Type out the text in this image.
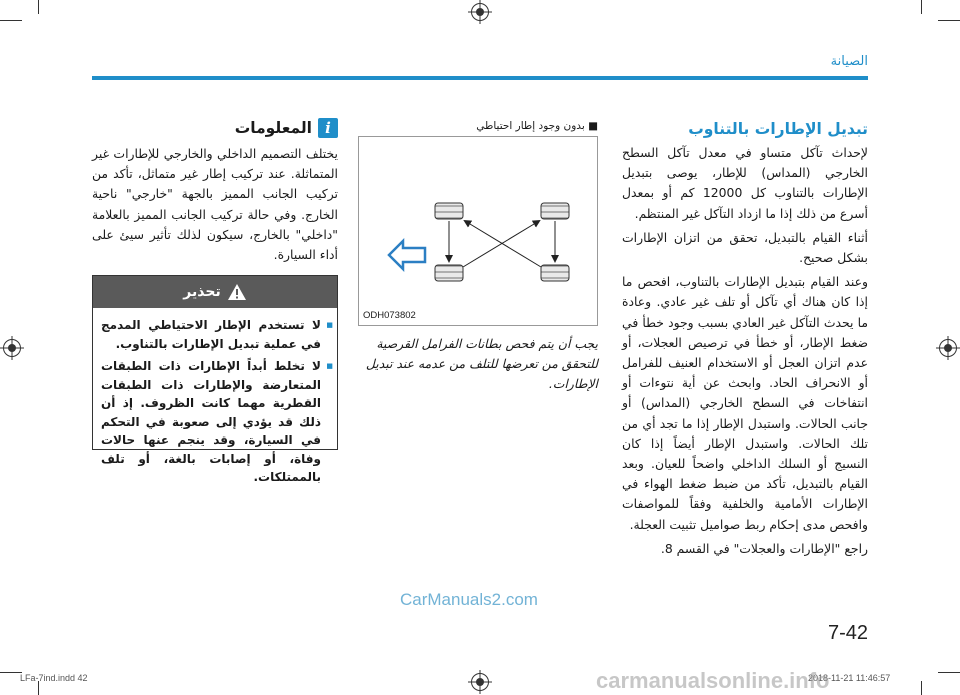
الصيانة
تبديل الإطارات بالتناوب

لإحداث تآكل متساو في معدل تآكل السطح الخارجي (المداس) للإطار، يوصى بتبديل الإطارات بالتناوب كل 12000 كم أو بمعدل أسرع من ذلك إذا ما ازداد التآكل غير المنتظم.

أثناء القيام بالتبديل، تحقق من اتزان الإطارات بشكل صحيح.

وعند القيام بتبديل الإطارات بالتناوب، افحص ما إذا كان هناك أي تآكل أو تلف غير عادي. وعادة ما يحدث التآكل غير العادي بسبب وجود خطأ في ضغط الإطار، أو خطأ في ترصيص العجلات، أو عدم اتزان العجل أو الاستخدام العنيف للفرامل أو الانحراف الحاد. وابحث عن أية نتوءات أو انتفاخات في السطح الخارجي (المداس) أو جانب الحالات. واستبدل الإطار إذا ما تجد أي من تلك الحالات. واستبدل الإطار أيضاً إذا كان النسيج أو السلك الداخلي واضحاً للعيان. وبعد القيام بالتبديل، تأكد من ضبط ضغط الهواء في الإطارات الأمامية والخلفية وفقاً للمواصفات وافحص مدى إحكام ربط صواميل تثبيت العجلة.

راجع "الإطارات والعجلات" في القسم 8.

■ بدون وجود إطار احتياطي
ODH073802
يجب أن يتم فحص بطانات الفرامل القرصية للتحقق من تعرضها للتلف من عدمه عند تبديل الإطارات.
i
المعلومات

يختلف التصميم الداخلي والخارجي للإطارات غير المتماثلة. عند تركيب إطار غير متماثل، تأكد من تركيب الجانب المميز بالجهة "خارجي" ناحية الخارج. وفي حالة تركيب الجانب المميز بالعلامة "داخلي" بالخارج، سيكون لذلك تأثير سيئ على أداء السيارة.

تحذير
■ لا تستخدم الإطار الاحتياطي المدمج في عملية تبديل الإطارات بالتناوب.
■ لا تخلط أبداً الإطارات ذات الطبقات المتعارضة والإطارات ذات الطبقات القطرية مهما كانت الظروف. إذ أن ذلك قد يؤدي إلى صعوبة في التحكم في السيارة، وقد ينجم عنها حالات وفاة، أو إصابات بالغة، أو تلف بالممتلكات.
CarManuals2.com
7-42
LFa-7ind.indd 42	2018-11-21 11:46:57
carmanualsonline.info
